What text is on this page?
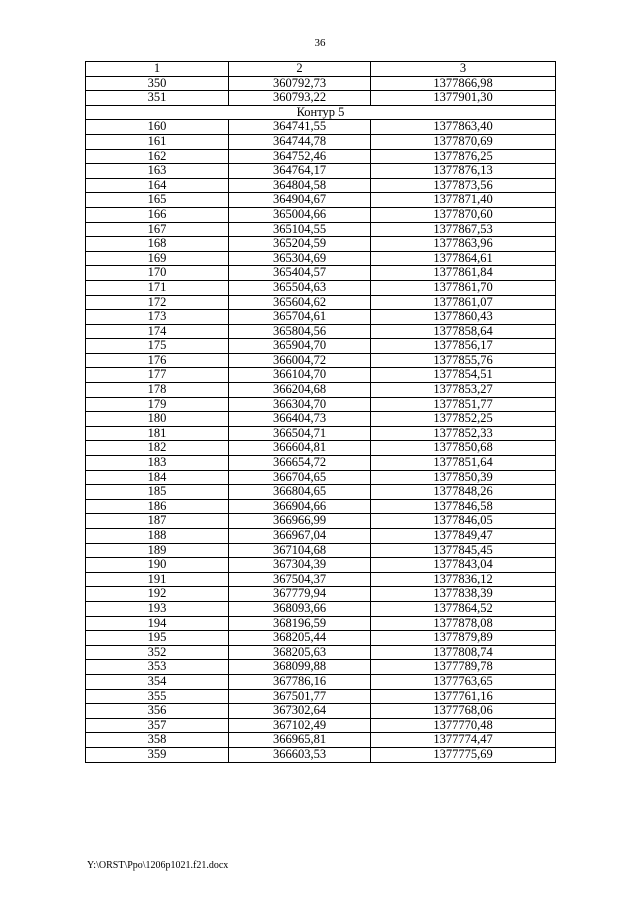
36
1	2	3
350	360792,73	1377866,98
351	360793,22	1377901,30
Контур 5		
160	364741,55	1377863,40
161	364744,78	1377870,69
162	364752,46	1377876,25
163	364764,17	1377876,13
164	364804,58	1377873,56
165	364904,67	1377871,40
166	365004,66	1377870,60
167	365104,55	1377867,53
168	365204,59	1377863,96
169	365304,69	1377864,61
170	365404,57	1377861,84
171	365504,63	1377861,70
172	365604,62	1377861,07
173	365704,61	1377860,43
174	365804,56	1377858,64
175	365904,70	1377856,17
176	366004,72	1377855,76
177	366104,70	1377854,51
178	366204,68	1377853,27
179	366304,70	1377851,77
180	366404,73	1377852,25
181	366504,71	1377852,33
182	366604,81	1377850,68
183	366654,72	1377851,64
184	366704,65	1377850,39
185	366804,65	1377848,26
186	366904,66	1377846,58
187	366966,99	1377846,05
188	366967,04	1377849,47
189	367104,68	1377845,45
190	367304,39	1377843,04
191	367504,37	1377836,12
192	367779,94	1377838,39
193	368093,66	1377864,52
194	368196,59	1377878,08
195	368205,44	1377879,89
352	368205,63	1377808,74
353	368099,88	1377789,78
354	367786,16	1377763,65
355	367501,77	1377761,16
356	367302,64	1377768,06
357	367102,49	1377770,48
358	366965,81	1377774,47
359	366603,53	1377775,69
Y:\ORST\Ppo\1206p1021.f21.docx
